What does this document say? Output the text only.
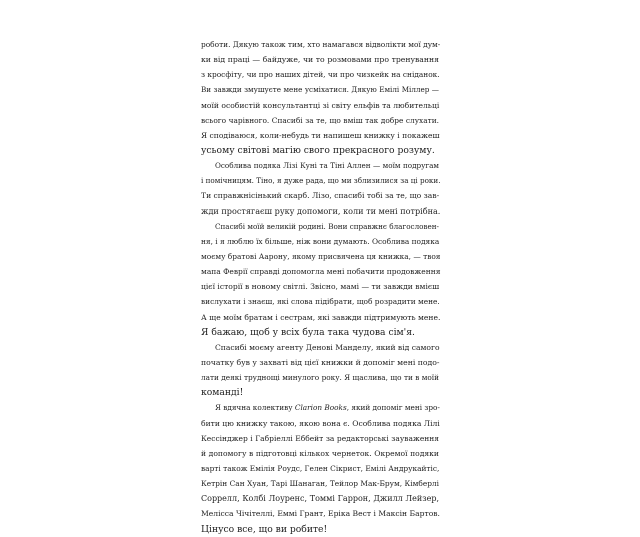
роботи. Дякую також тим, хто намагався відволікти мої дум-
ки від праці — байдуже, чи то розмовами про тренування
з кросфіту, чи про наших дітей, чи про чизкейк на сніданок.
Ви завжди змушуєте мене усміхатися. Дякую Емілі Міллер —
моїй особистій консультантці зі світу ельфів та любительці
всього чарівного. Спасибі за те, що вміш так добре слухати.
Я сподіваюся, коли-небудь ти напишеш книжку і покажеш
усьому світові магію свого прекрасного розуму.

Особлива подяка Лізі Куні та Тіні Аллен — моїм подругам
і помічницям. Тіно, я дуже рада, що ми зблизилися за ці роки.
Ти справжнісінький скарб. Лізо, спасибі тобі за те, що зав-
жди простягаєш руку допомоги, коли ти мені потрібна.

Спасибі моїй великій родині. Вони справжнє благословен-
ня, і я люблю їх більше, ніж вони думають. Особлива подяка
моєму братові Аарону, якому присвячена ця книжка, — твоя
мапа Феврії справді допомогла мені побачити продовження
цієї історії в новому світлі. Звісно, мамі — ти завжди вмієш
вислухати і знаєш, які слова підібрати, щоб розрадити мене.
А ще моїм братам і сестрам, які завжди підтримують мене.
Я бажаю, щоб у всіх була така чудова сім'я.

Спасибі моєму агенту Денові Манделу, який від самого
початку був у захваті від цієї книжки й допоміг мені подо-
лати деякі труднощі минулого року. Я щаслива, що ти в моїй
команді!

Я вдячна колективу Clarion Books, який допоміг мені зро-
бити цю книжку такою, якою вона є. Особлива подяка Лілі
Кессінджер і Габріеллі Еббейт за редакторські зауваження
й допомогу в підготовці кількох чернеток. Окремої подяки
варті також Емілія Роудс, Гелен Сікрист, Емілі Андрукайтіс,
Кетрін Сан Хуан, Тарі Шанаган, Тейлор Мак-Брум, Кімберлі
Соррелл, Колбі Лоуренс, Томмі Гаррон, Джилл Лейзер,
Мелісса Чічітеллі, Еммі Грант, Еріка Вест і Максін Бартов.
Цінусо все, що ви робите!
